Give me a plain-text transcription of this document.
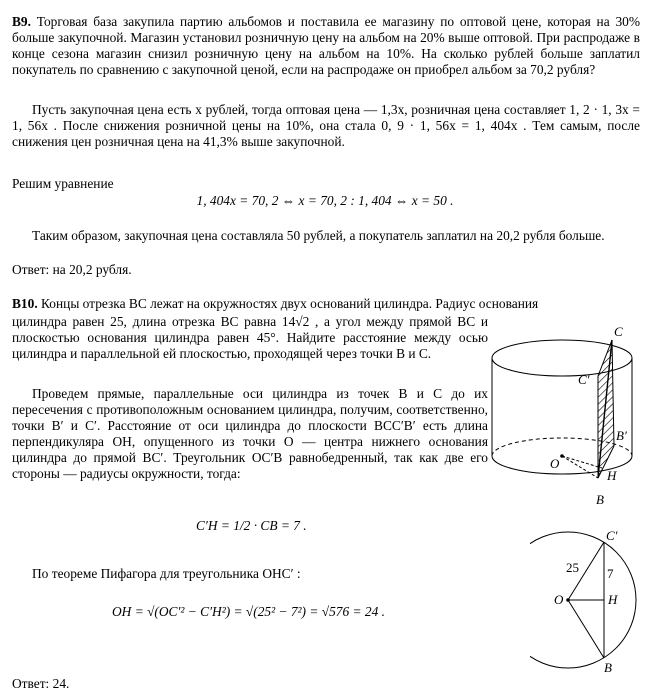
B9. Торговая база закупила партию альбомов и поставила ее магазину по оптовой цене, которая на 30% больше закупочной. Магазин установил розничную цену на альбом на 20% выше оптовой. При распродаже в конце сезона магазин снизил розничную цену на альбом на 10%. На сколько рублей больше заплатил покупатель по сравнению с закупочной ценой, если на распродаже он приобрел альбом за 70,2 рубля?

Пусть закупочная цена есть x рублей, тогда оптовая цена — 1,3x, розничная цена составляет 1, 2 · 1, 3x = 1, 56x . После снижения розничной цены на 10%, она стала 0, 9 · 1, 56x = 1, 404x . Тем самым, после снижения цен розничная цена на 41,3% выше закупочной.

Решим уравнение

1, 404x = 70, 2 ⇔ x = 70, 2 : 1, 404 ⇔ x = 50 .

Таким образом, закупочная цена составляла 50 рублей, а покупатель заплатил на 20,2 рубля больше.

Ответ: на 20,2 рубля.

B10. Концы отрезка BC лежат на окружностях двух оснований цилиндра. Радиус основания

цилиндра равен 25, длина отрезка BC равна 14√2 , а угол между прямой BC и плоскостью основания цилиндра равен 45°. Найдите расстояние между осью цилиндра и параллельной ей плоскостью, проходящей через точки B и C.

Проведем прямые, параллельные оси цилиндра из точек B и C до их пересечения с противоположным основанием цилиндра, получим, соответственно, точки B′ и C′. Расстояние от оси цилиндра до плоскости BCC′B′ есть длина перпендикуляра OH, опущенного из точки O — центра нижнего основания цилиндра до прямой BC′. Треугольник OC′B равнобедренный, так как две его стороны — радиусы окружности, тогда:

C′H = 1/2 · CB = 7 .

По теореме Пифагора для треугольника OHC′ :

OH = √(OC′² − C′H²) = √(25² − 7²) = √576 = 24 .

Ответ: 24.

C
C′
B′
O
H
B
C′
25 7
O	H
B
